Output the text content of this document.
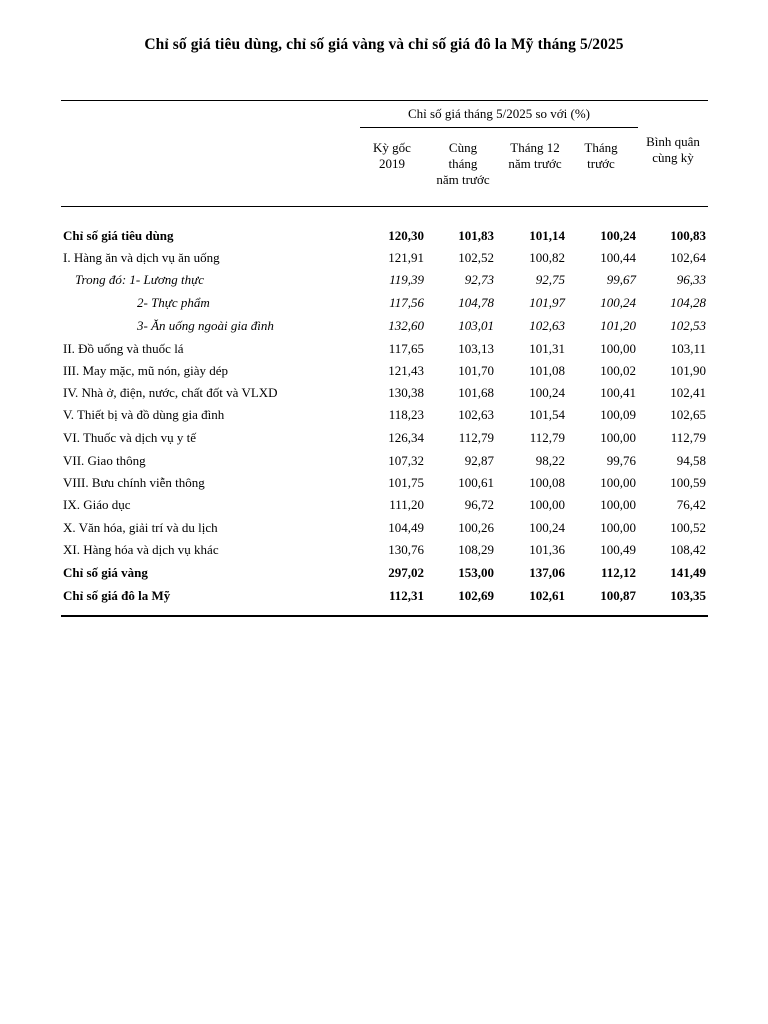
Chỉ số giá tiêu dùng, chỉ số giá vàng và chỉ số giá đô la Mỹ tháng 5/2025
Chỉ số giá tháng 5/2025 so với (%)
Kỳ gốc
2019
Cùng
tháng
năm trước
Tháng 12
năm trước
Tháng
trước
Bình quân
cùng kỳ
Chỉ số giá tiêu dùng	120,30	101,83	101,14	100,24	100,83
I. Hàng ăn và dịch vụ ăn uống	121,91	102,52	100,82	100,44	102,64
Trong đó: 1- Lương thực	119,39	92,73	92,75	99,67	96,33
2- Thực phẩm	117,56	104,78	101,97	100,24	104,28
3- Ăn uống ngoài gia đình	132,60	103,01	102,63	101,20	102,53
II. Đồ uống và thuốc lá	117,65	103,13	101,31	100,00	103,11
III. May mặc, mũ nón, giày dép	121,43	101,70	101,08	100,02	101,90
IV. Nhà ở, điện, nước, chất đốt và VLXD	130,38	101,68	100,24	100,41	102,41
V. Thiết bị và đồ dùng gia đình	118,23	102,63	101,54	100,09	102,65
VI. Thuốc và dịch vụ y tế	126,34	112,79	112,79	100,00	112,79
VII. Giao thông	107,32	92,87	98,22	99,76	94,58
VIII. Bưu chính viễn thông	101,75	100,61	100,08	100,00	100,59
IX. Giáo dục	111,20	96,72	100,00	100,00	76,42
X. Văn hóa, giải trí và du lịch	104,49	100,26	100,24	100,00	100,52
XI. Hàng hóa và dịch vụ khác	130,76	108,29	101,36	100,49	108,42
Chỉ số giá vàng	297,02	153,00	137,06	112,12	141,49
Chỉ số giá đô la Mỹ	112,31	102,69	102,61	100,87	103,35
